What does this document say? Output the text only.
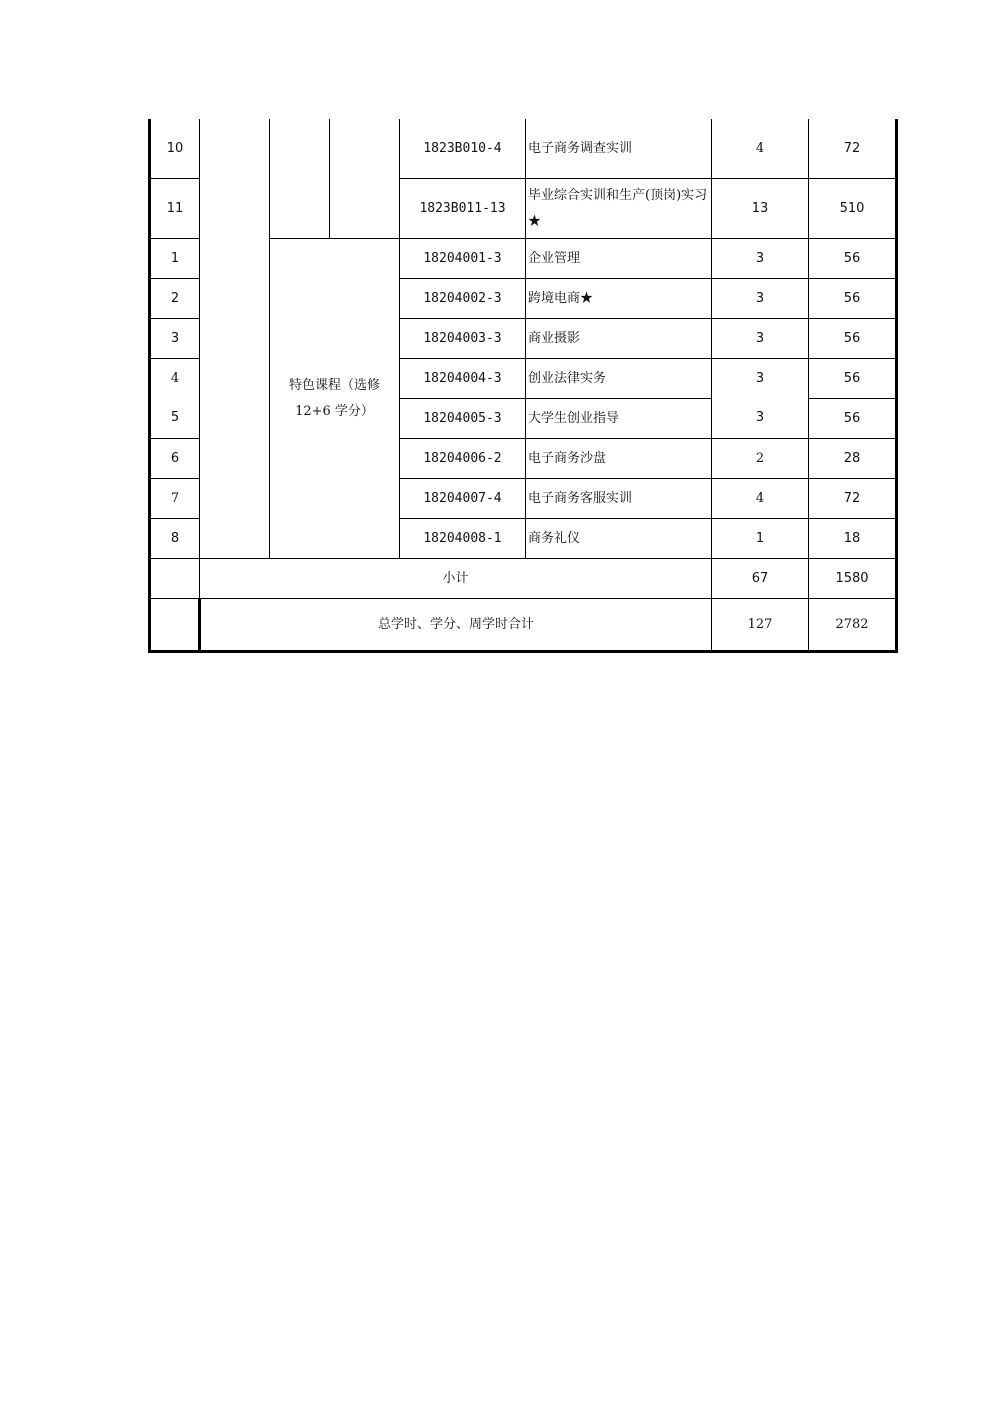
10				1823B010-4	电子商务调查实训	4	72
11				1823B011-13	毕业综合实训和生产(顶岗)实习★	13	510
1		特色课程（选修 12+6 学分）		18204001-3	企业管理	3	56
2				18204002-3	跨境电商★	3	56
3				18204003-3	商业摄影	3	56
4				18204004-3	创业法律实务	3	56
5				18204005-3	大学生创业指导	3	56
6				18204006-2	电子商务沙盘	2	28
7				18204007-4	电子商务客服实训	4	72
8				18204008-1	商务礼仪	1	18
	小计					67	1580
	总学时、学分、周学时合计					127	2782
